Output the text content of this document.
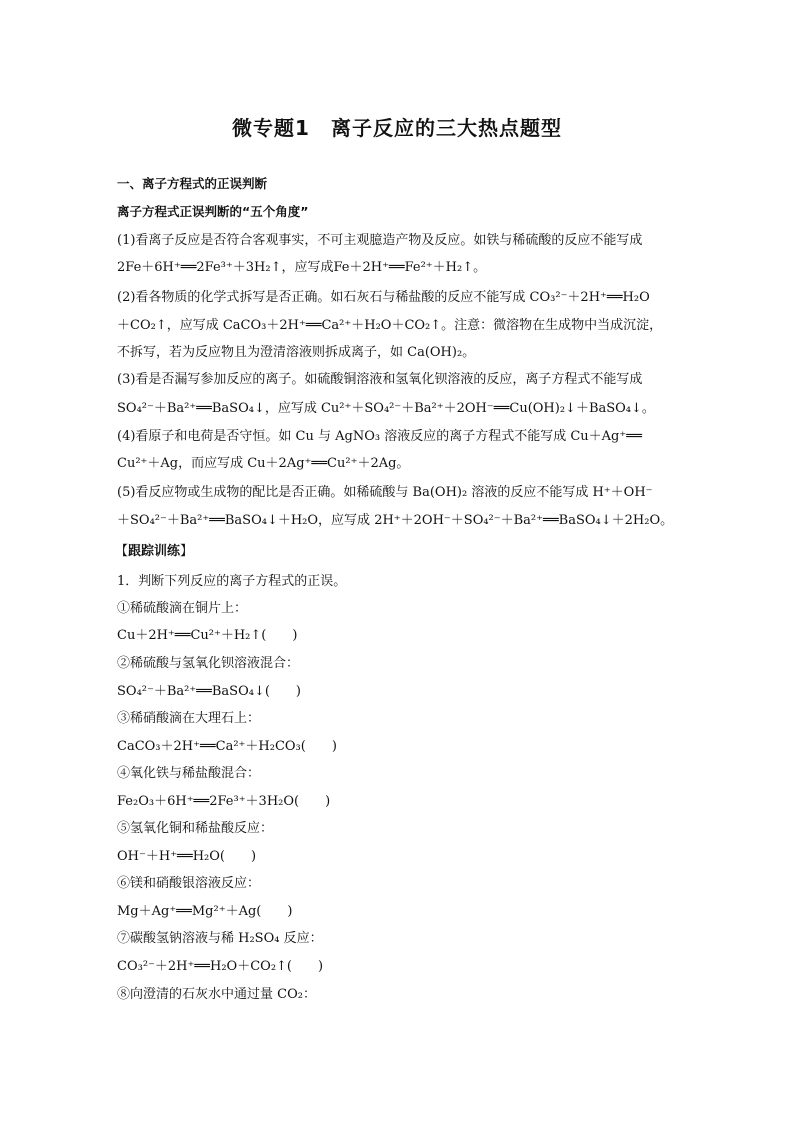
微专题1　离子反应的三大热点题型
一、离子方程式的正误判断
离子方程式正误判断的“五个角度”
(1)看离子反应是否符合客观事实，不可主观臆造产物及反应。如铁与稀硫酸的反应不能写成
2Fe＋6H⁺══2Fe³⁺＋3H₂↑，应写成Fe＋2H⁺══Fe²⁺＋H₂↑。
(2)看各物质的化学式拆写是否正确。如石灰石与稀盐酸的反应不能写成 CO₃²⁻＋2H⁺══H₂O
＋CO₂↑，应写成 CaCO₃＋2H⁺══Ca²⁺＋H₂O＋CO₂↑。注意：微溶物在生成物中当成沉淀，
不拆写，若为反应物且为澄清溶液则拆成离子，如 Ca(OH)₂。
(3)看是否漏写参加反应的离子。如硫酸铜溶液和氢氧化钡溶液的反应，离子方程式不能写成
SO₄²⁻＋Ba²⁺══BaSO₄↓，应写成 Cu²⁺＋SO₄²⁻＋Ba²⁺＋2OH⁻══Cu(OH)₂↓＋BaSO₄↓。
(4)看原子和电荷是否守恒。如 Cu 与 AgNO₃ 溶液反应的离子方程式不能写成 Cu＋Ag⁺══
Cu²⁺＋Ag，而应写成 Cu＋2Ag⁺══Cu²⁺＋2Ag。
(5)看反应物或生成物的配比是否正确。如稀硫酸与 Ba(OH)₂ 溶液的反应不能写成 H⁺＋OH⁻
＋SO₄²⁻＋Ba²⁺══BaSO₄↓＋H₂O，应写成 2H⁺＋2OH⁻＋SO₄²⁻＋Ba²⁺══BaSO₄↓＋2H₂O。
【跟踪训练】
1．判断下列反应的离子方程式的正误。
①稀硫酸滴在铜片上：
Cu＋2H⁺══Cu²⁺＋H₂↑(　　)
②稀硫酸与氢氧化钡溶液混合：
SO₄²⁻＋Ba²⁺══BaSO₄↓(　　)
③稀硝酸滴在大理石上：
CaCO₃＋2H⁺══Ca²⁺＋H₂CO₃(　　)
④氧化铁与稀盐酸混合：
Fe₂O₃＋6H⁺══2Fe³⁺＋3H₂O(　　)
⑤氢氧化铜和稀盐酸反应：
OH⁻＋H⁺══H₂O(　　)
⑥镁和硝酸银溶液反应：
Mg＋Ag⁺══Mg²⁺＋Ag(　　)
⑦碳酸氢钠溶液与稀 H₂SO₄ 反应：
CO₃²⁻＋2H⁺══H₂O＋CO₂↑(　　)
⑧向澄清的石灰水中通过量 CO₂：
